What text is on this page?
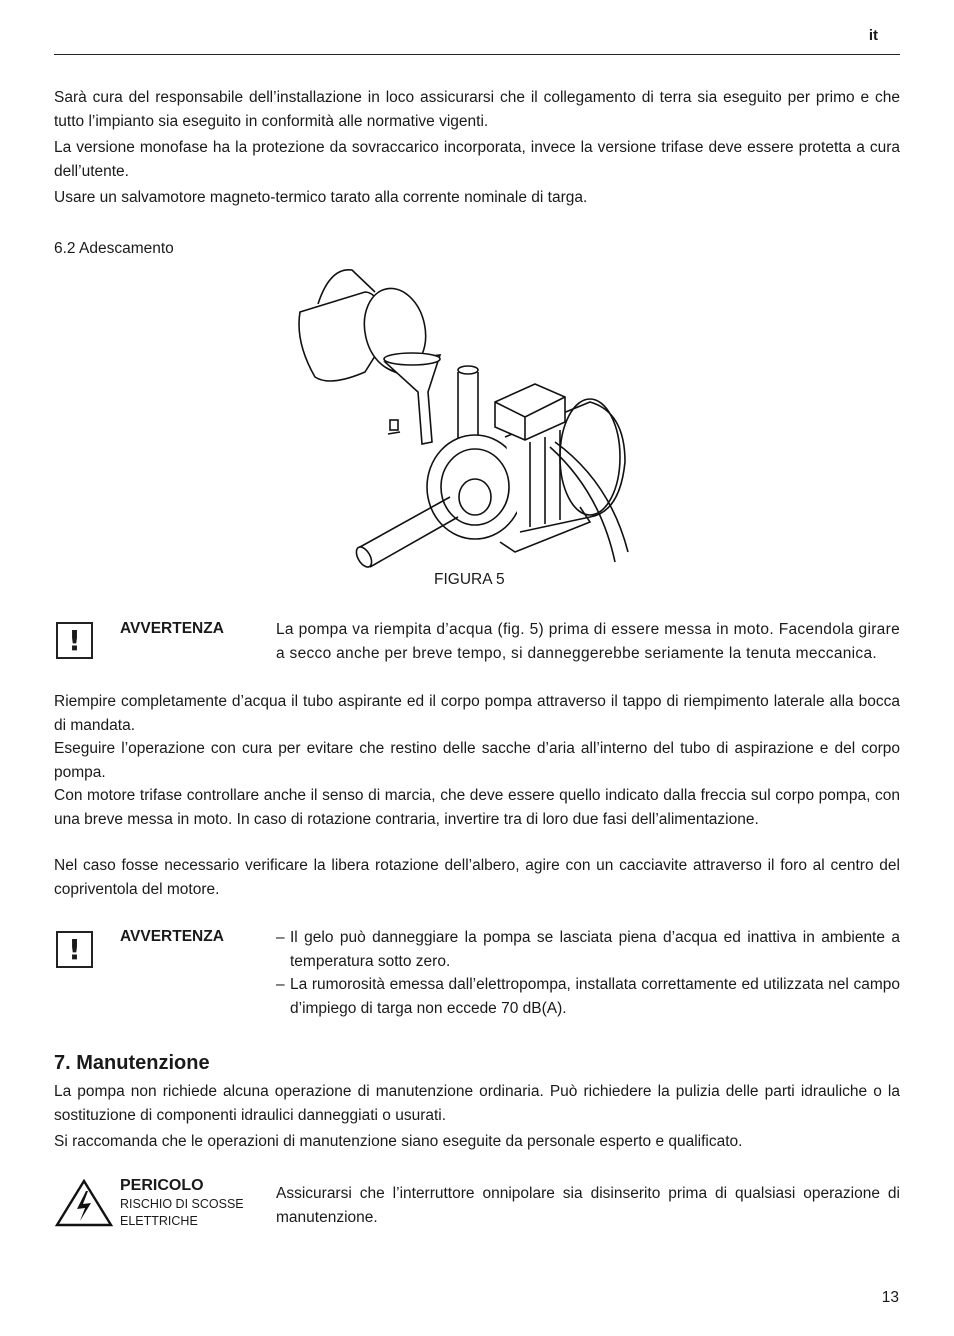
it

Sarà cura del responsabile dell’installazione in loco assicurarsi che il collegamento di terra sia eseguito per primo e che tutto l’impianto sia eseguito in conformità alle normative vigenti.

La versione monofase ha la protezione da sovraccarico incorporata, invece la versione trifase deve essere protetta a cura dell’utente.

Usare un salvamotore magneto-termico tarato alla corrente nominale di targa.

6.2 Adescamento
FIGURA 5
!	AVVERTENZA	La pompa va riempita d’acqua (fig. 5) prima di essere messa in moto. Facendola girare a secco anche per breve tempo, si danneggerebbe seriamente la tenuta meccanica.

Riempire completamente d’acqua il tubo aspirante ed il corpo pompa attraverso il tappo di riempimento laterale alla bocca di mandata.

Eseguire l’operazione con cura per evitare che restino delle sacche d’aria all’interno del tubo di aspirazione e del corpo pompa.

Con motore trifase controllare anche il senso di marcia, che deve essere quello indicato dalla freccia sul corpo pompa, con una breve messa in moto. In caso di rotazione contraria, invertire tra di loro due fasi dell’alimentazione.

Nel caso fosse necessario verificare la libera rotazione dell’albero, agire con un cacciavite attraverso il foro al centro del copriventola del motore.

!	AVVERTENZA	– Il gelo può danneggiare la pompa se lasciata piena d’acqua ed inattiva in ambiente a temperatura sotto zero.
– La rumorosità emessa dall’elettropompa, installata correttamente ed utilizzata nel campo d’impiego di targa non eccede 70 dB(A).
7. Manutenzione

La pompa non richiede alcuna operazione di manutenzione ordinaria. Può richiedere la pulizia delle parti idrauliche o la sostituzione di componenti idraulici danneggiati o usurati.

Si raccomanda che le operazioni di manutenzione siano eseguite da personale esperto e qualificato.

PERICOLO
RISCHIO DI SCOSSE
ELETTRICHE

Assicurarsi che l’interruttore onnipolare sia disinserito prima di qualsiasi operazione di manutenzione.

13
